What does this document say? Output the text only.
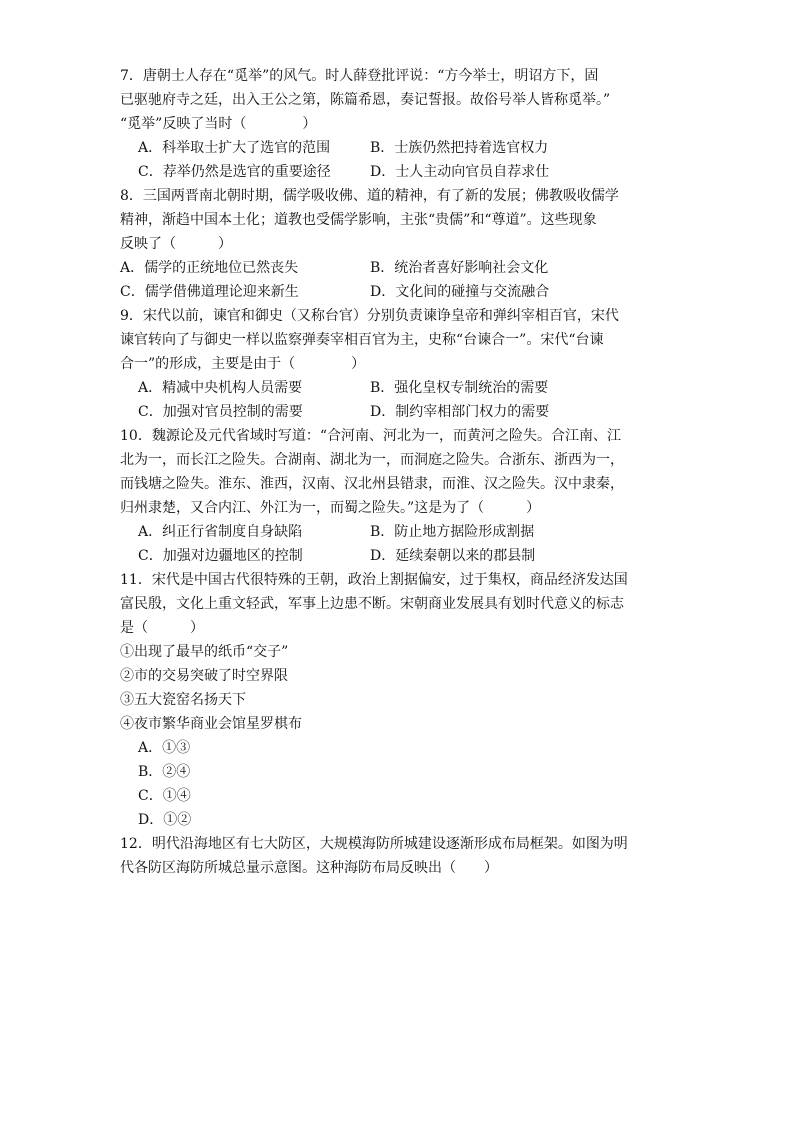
7．唐朝士人存在“觅举”的风气。时人薛登批评说：“方今举士，明诏方下，固

已驱驰府寺之廷，出入王公之第，陈篇希恩，奏记誓报。故俗号举人皆称觅举。”

“觅举”反映了当时（　　　　）

A．科举取士扩大了选官的范围	B．士族仍然把持着选官权力
C．荐举仍然是选官的重要途径	D．士人主动向官员自荐求仕

8．三国两晋南北朝时期，儒学吸收佛、道的精神，有了新的发展；佛教吸收儒学

精神，渐趋中国本土化；道教也受儒学影响，主张“贵儒”和“尊道”。这些现象

反映了（　　　）

A．儒学的正统地位已然丧失	B．统治者喜好影响社会文化
C．儒学借佛道理论迎来新生	D．文化间的碰撞与交流融合

9．宋代以前，谏官和御史（又称台官）分别负责谏诤皇帝和弹纠宰相百官，宋代

谏官转向了与御史一样以监察弹奏宰相百官为主，史称“台谏合一”。宋代“台谏

合一”的形成，主要是由于（　　　　）

A．精减中央机构人员需要	B．强化皇权专制统治的需要
C．加强对官员控制的需要	D．制约宰相部门权力的需要

10．魏源论及元代省域时写道：“合河南、河北为一，而黄河之险失。合江南、江

北为一，而长江之险失。合湖南、湖北为一，而洞庭之险失。合浙东、浙西为一，

而钱塘之险失。淮东、淮西，汉南、汉北州县错隶，而淮、汉之险失。汉中隶秦，

归州隶楚，又合内江、外江为一，而蜀之险失。”这是为了（　　　）

A．纠正行省制度自身缺陷	B．防止地方据险形成割据
C．加强对边疆地区的控制	D．延续秦朝以来的郡县制

11．宋代是中国古代很特殊的王朝，政治上割据偏安，过于集权，商品经济发达国

富民殷，文化上重文轻武，军事上边患不断。宋朝商业发展具有划时代意义的标志

是（　　　）

①出现了最早的纸币“交子”
②市的交易突破了时空界限
③五大瓷窑名扬天下
④夜市繁华商业会馆星罗棋布
A．①③
B．②④
C．①④
D．①②

12．明代沿海地区有七大防区，大规模海防所城建设逐渐形成布局框架。如图为明

代各防区海防所城总量示意图。这种海防布局反映出（　　）
